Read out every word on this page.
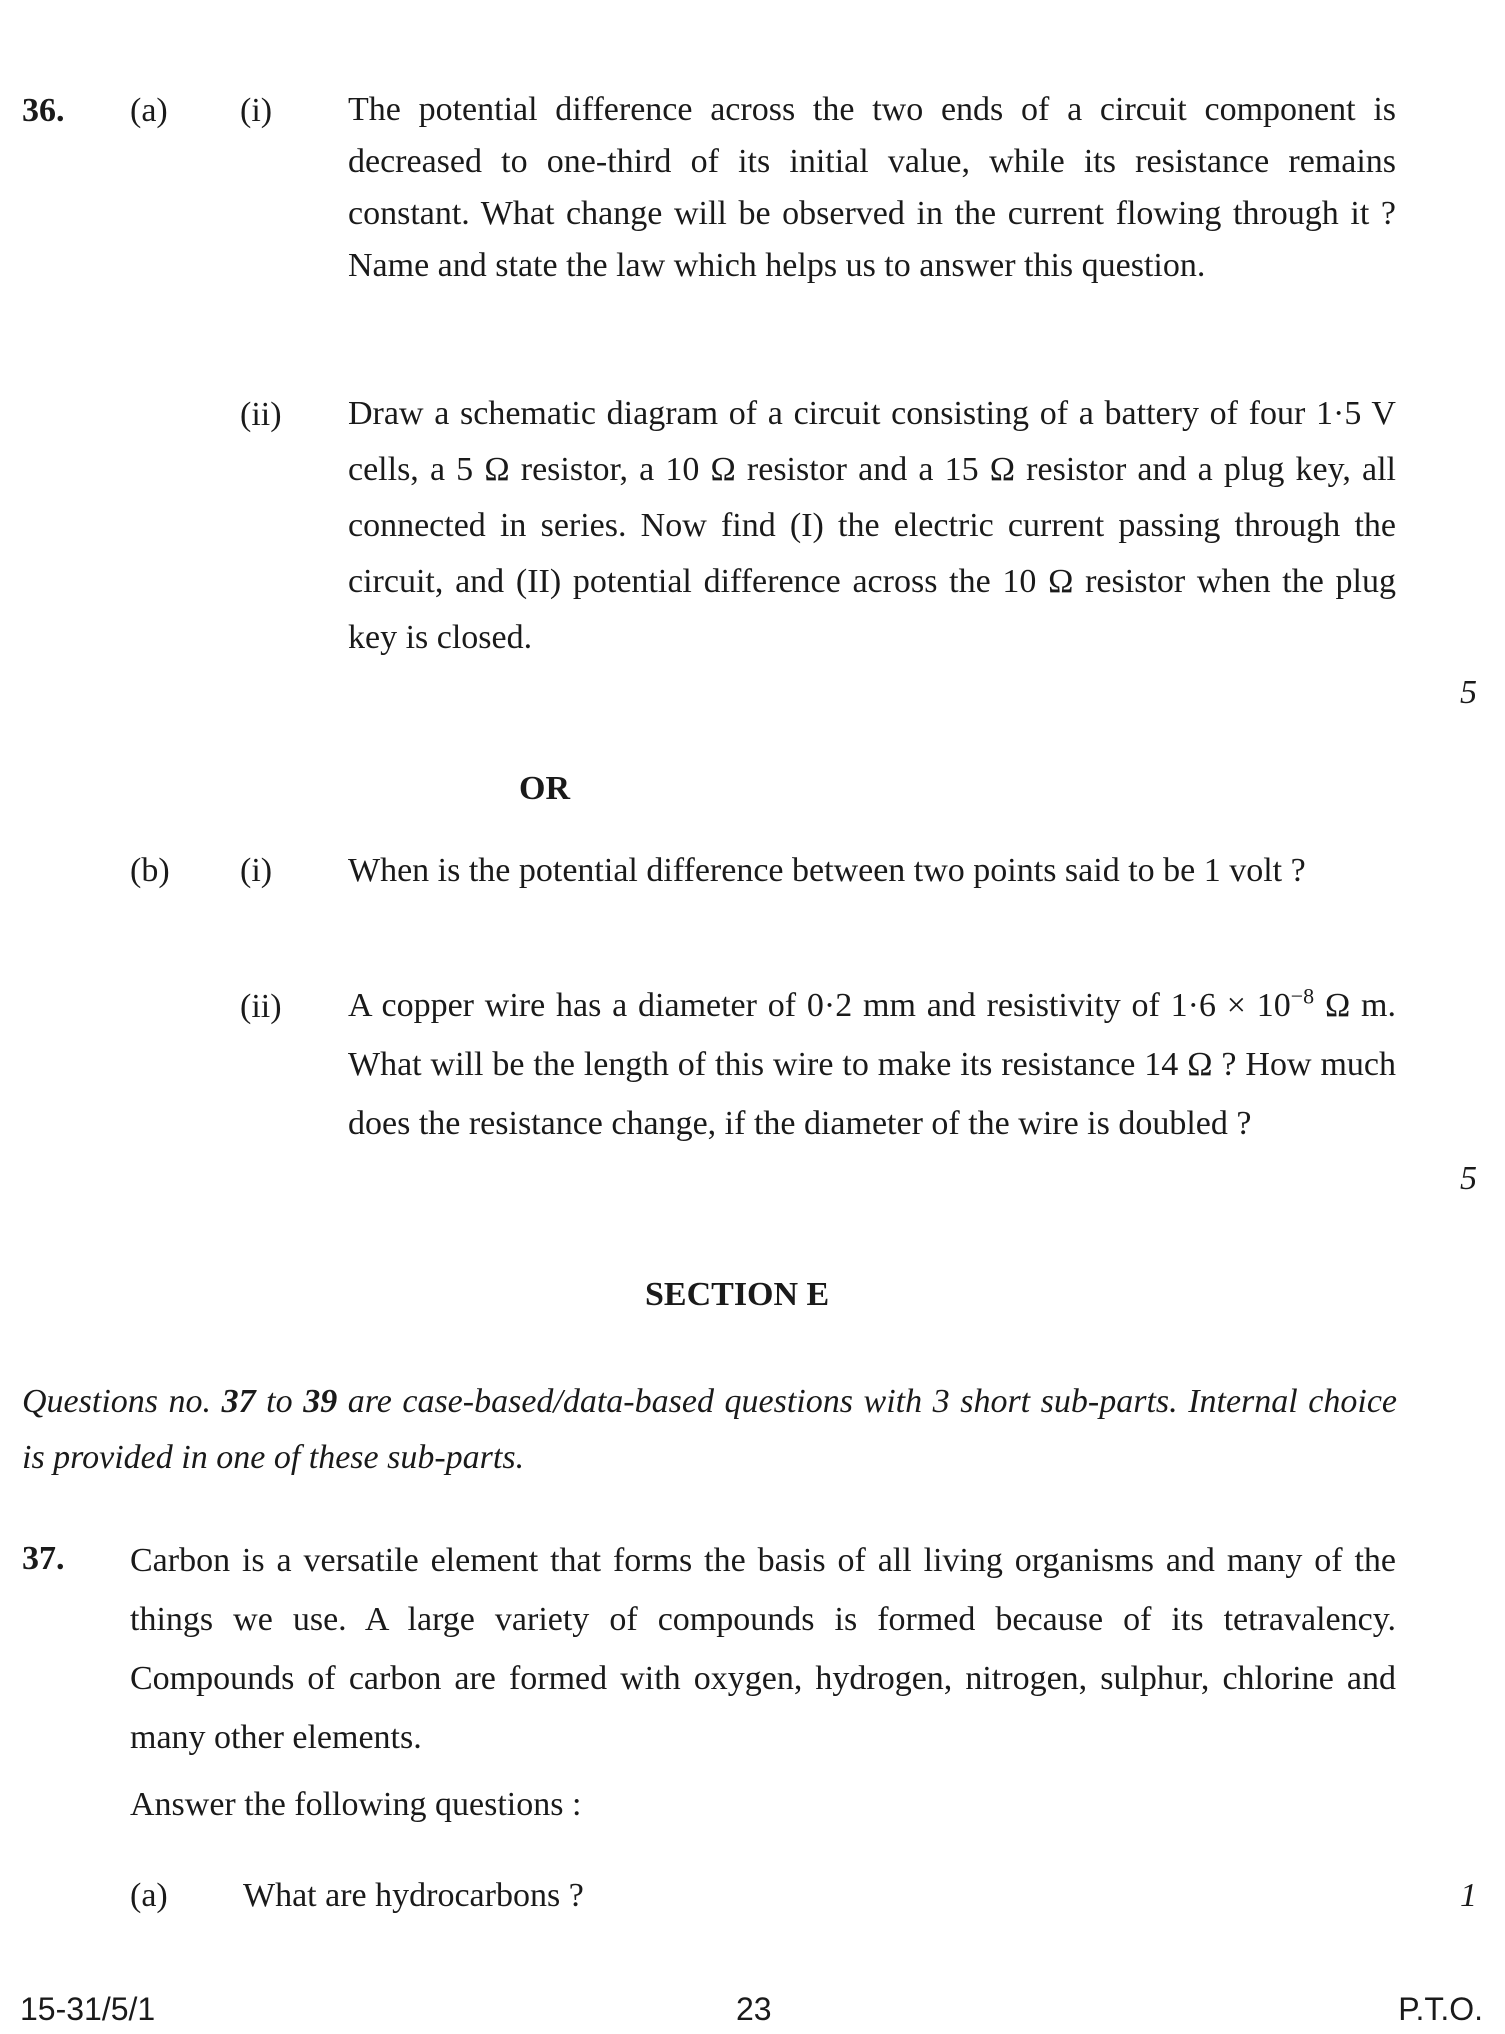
36. (a) (i) The potential difference across the two ends of a circuit component is decreased to one-third of its initial value, while its resistance remains constant. What change will be observed in the current flowing through it ? Name and state the law which helps us to answer this question.
(ii) Draw a schematic diagram of a circuit consisting of a battery of four 1·5 V cells, a 5 Ω resistor, a 10 Ω resistor and a 15 Ω resistor and a plug key, all connected in series. Now find (I) the electric current passing through the circuit, and (II) potential difference across the 10 Ω resistor when the plug key is closed.
5
OR
(b) (i) When is the potential difference between two points said to be 1 volt ?
(ii) A copper wire has a diameter of 0·2 mm and resistivity of $1\cdot 6 \times 10^{-8}$ Ω m. What will be the length of this wire to make its resistance 14 Ω ? How much does the resistance change, if the diameter of the wire is doubled ?
5
SECTION E
Questions no. 37 to 39 are case-based/data-based questions with 3 short sub-parts. Internal choice is provided in one of these sub-parts.
37. Carbon is a versatile element that forms the basis of all living organisms and many of the things we use. A large variety of compounds is formed because of its tetravalency. Compounds of carbon are formed with oxygen, hydrogen, nitrogen, sulphur, chlorine and many other elements.
Answer the following questions :
(a) What are hydrocarbons ?	1
15-31/5/1	23	P.T.O.
